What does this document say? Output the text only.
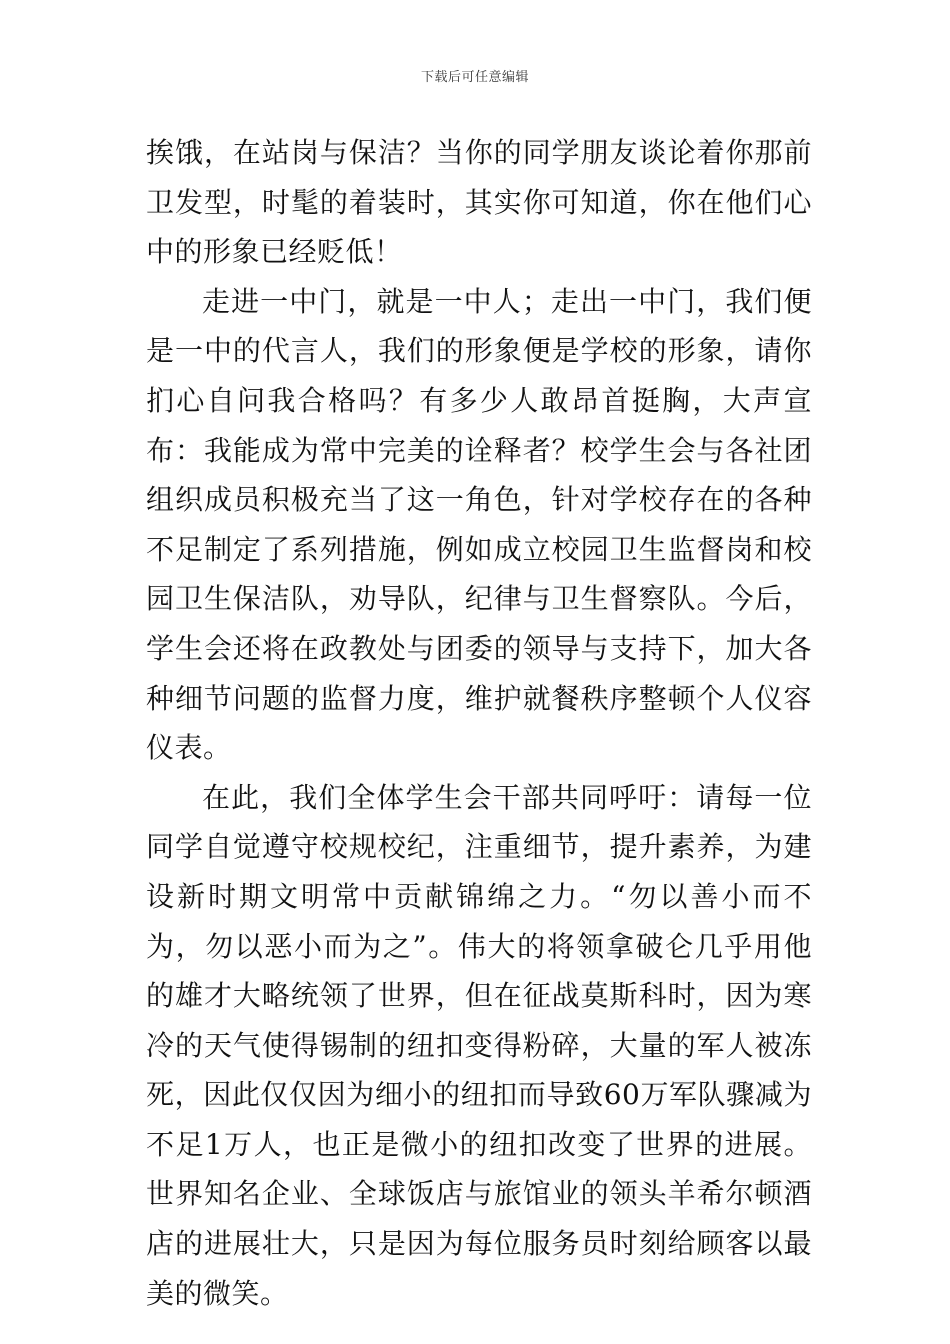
下载后可任意编辑

挨饿，在站岗与保洁？当你的同学朋友谈论着你那前卫发型，时髦的着装时，其实你可知道，你在他们心中的形象已经贬低！

走进一中门，就是一中人；走出一中门，我们便是一中的代言人，我们的形象便是学校的形象，请你扪心自问我合格吗？有多少人敢昂首挺胸，大声宣布：我能成为常中完美的诠释者？校学生会与各社团组织成员积极充当了这一角色，针对学校存在的各种不足制定了系列措施，例如成立校园卫生监督岗和校园卫生保洁队，劝导队，纪律与卫生督察队。今后，学生会还将在政教处与团委的领导与支持下，加大各种细节问题的监督力度，维护就餐秩序整顿个人仪容仪表。

在此，我们全体学生会干部共同呼吁：请每一位同学自觉遵守校规校纪，注重细节，提升素养，为建设新时期文明常中贡献锦绵之力。“勿以善小而不为，勿以恶小而为之”。伟大的将领拿破仑几乎用他的雄才大略统领了世界，但在征战莫斯科时，因为寒冷的天气使得锡制的纽扣变得粉碎，大量的军人被冻死，因此仅仅因为细小的纽扣而导致60万军队骤减为不足1万人，也正是微小的纽扣改变了世界的进展。世界知名企业、全球饭店与旅馆业的领头羊希尔顿酒店的进展壮大，只是因为每位服务员时刻给顾客以最美的微笑。
